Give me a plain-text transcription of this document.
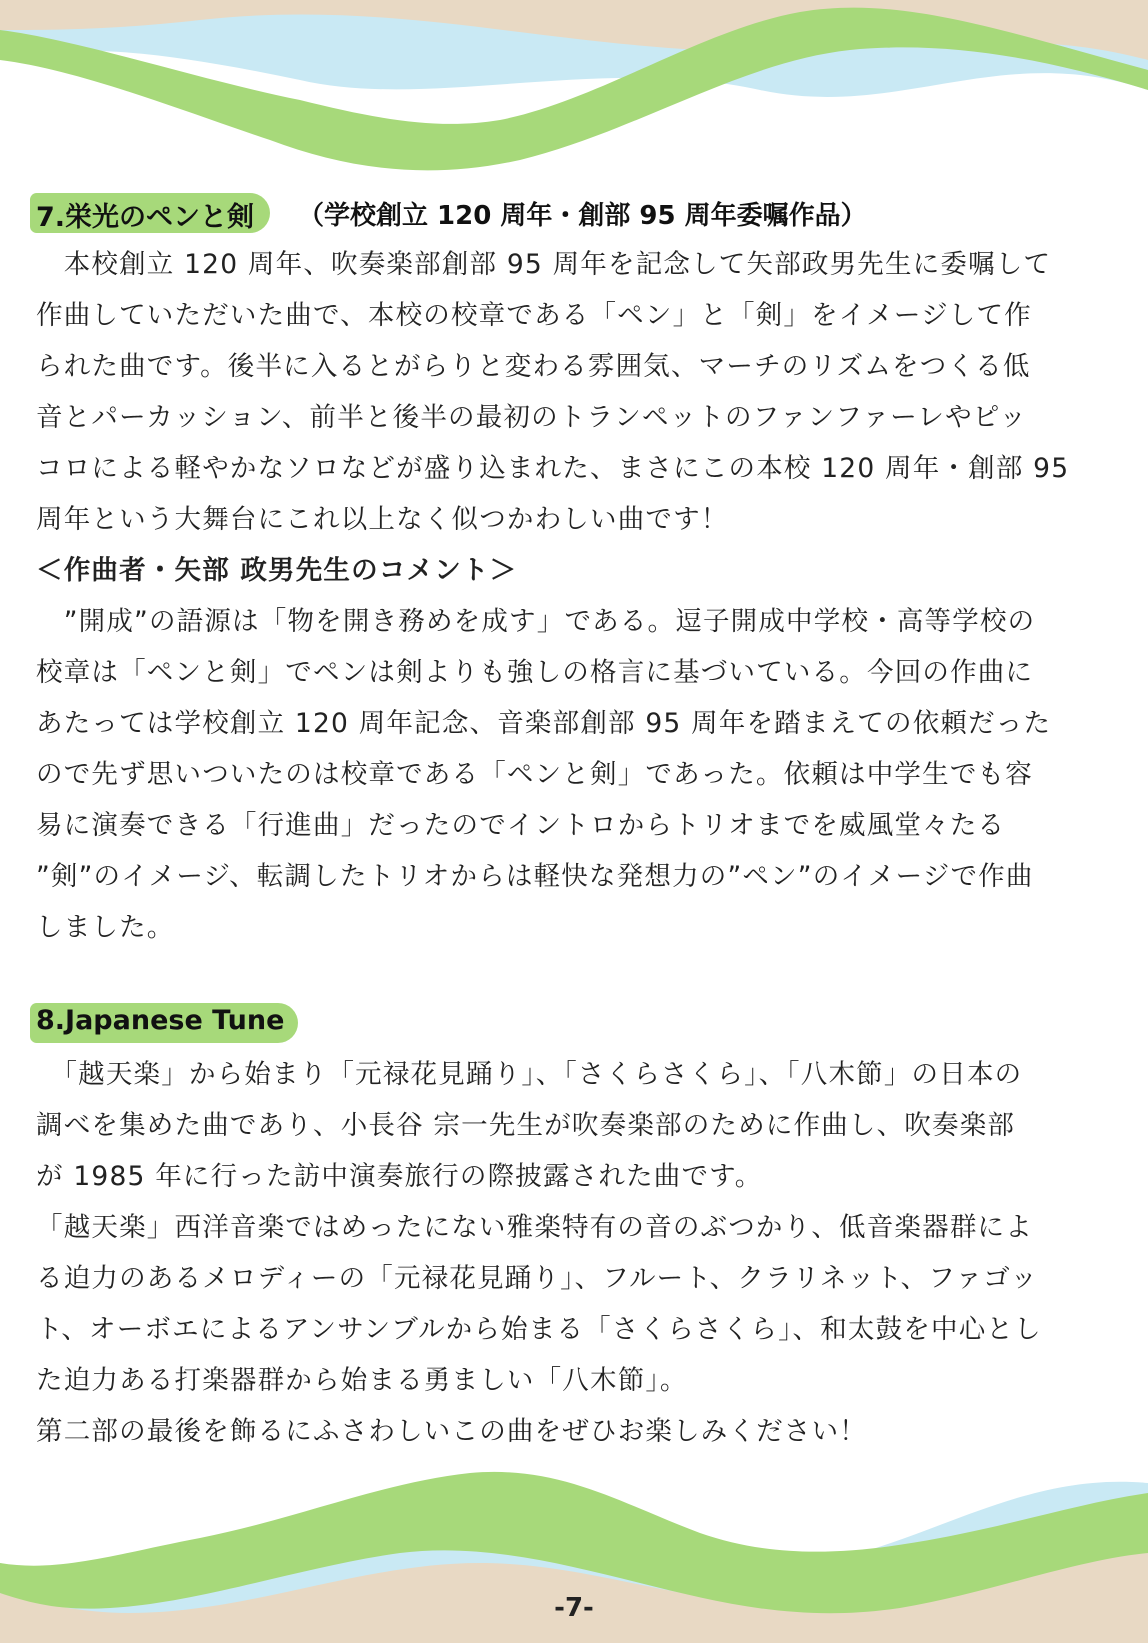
7.栄光のペンと剣 （学校創立 120 周年・創部 95 周年委嘱作品）

　本校創立 120 周年、吹奏楽部創部 95 周年を記念して矢部政男先生に委嘱して
作曲していただいた曲で、本校の校章である「ペン」と「剣」をイメージして作
られた曲です。後半に入るとがらりと変わる雰囲気、マーチのリズムをつくる低
音とパーカッション、前半と後半の最初のトランペットのファンファーレやピッ
コロによる軽やかなソロなどが盛り込まれた、まさにこの本校 120 周年・創部 95
周年という大舞台にこれ以上なく似つかわしい曲です！

＜作曲者・矢部 政男先生のコメント＞

　”開成”の語源は「物を開き務めを成す」である。逗子開成中学校・高等学校の
校章は「ペンと剣」でペンは剣よりも強しの格言に基づいている。今回の作曲に
あたっては学校創立 120 周年記念、音楽部創部 95 周年を踏まえての依頼だった
ので先ず思いついたのは校章である「ペンと剣」であった。依頼は中学生でも容
易に演奏できる「行進曲」だったのでイントロからトリオまでを威風堂々たる
”剣”のイメージ、転調したトリオからは軽快な発想力の”ペン”のイメージで作曲
しました。

8.Japanese Tune

　「越天楽」から始まり「元禄花見踊り」、「さくらさくら」、「八木節」の日本の
調べを集めた曲であり、小長谷 宗一先生が吹奏楽部のために作曲し、吹奏楽部
が 1985 年に行った訪中演奏旅行の際披露された曲です。
「越天楽」西洋音楽ではめったにない雅楽特有の音のぶつかり、低音楽器群によ
る迫力のあるメロディーの「元禄花見踊り」、フルート、クラリネット、ファゴッ
ト、オーボエによるアンサンブルから始まる「さくらさくら」、和太鼓を中心とし
た迫力ある打楽器群から始まる勇ましい「八木節」。
第二部の最後を飾るにふさわしいこの曲をぜひお楽しみください！

-7-
